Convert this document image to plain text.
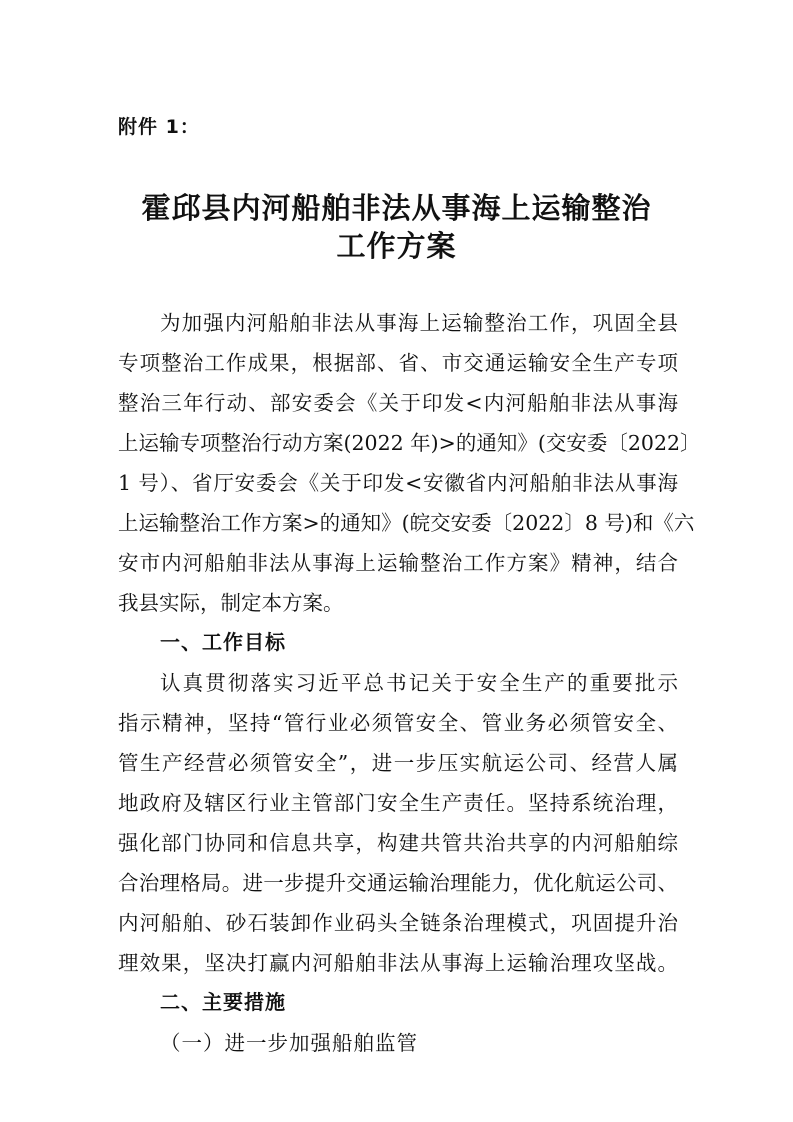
附件 1：
霍邱县内河船舶非法从事海上运输整治
工作方案
为加强内河船舶非法从事海上运输整治工作，巩固全县
专项整治工作成果，根据部、省、市交通运输安全生产专项
整治三年行动、部安委会《关于印发<内河船舶非法从事海
上运输专项整治行动方案(2022 年)>的通知》(交安委〔2022〕
1 号）、省厅安委会《关于印发<安徽省内河船舶非法从事海
上运输整治工作方案>的通知》(皖交安委〔2022〕8 号)和《六
安市内河船舶非法从事海上运输整治工作方案》精神，结合
我县实际，制定本方案。
一、工作目标
认真贯彻落实习近平总书记关于安全生产的重要批示
指示精神，坚持“管行业必须管安全、管业务必须管安全、
管生产经营必须管安全”，进一步压实航运公司、经营人属
地政府及辖区行业主管部门安全生产责任。坚持系统治理，
强化部门协同和信息共享，构建共管共治共享的内河船舶综
合治理格局。进一步提升交通运输治理能力，优化航运公司、
内河船舶、砂石装卸作业码头全链条治理模式，巩固提升治
理效果，坚决打赢内河船舶非法从事海上运输治理攻坚战。
二、主要措施
（一）进一步加强船舶监管
